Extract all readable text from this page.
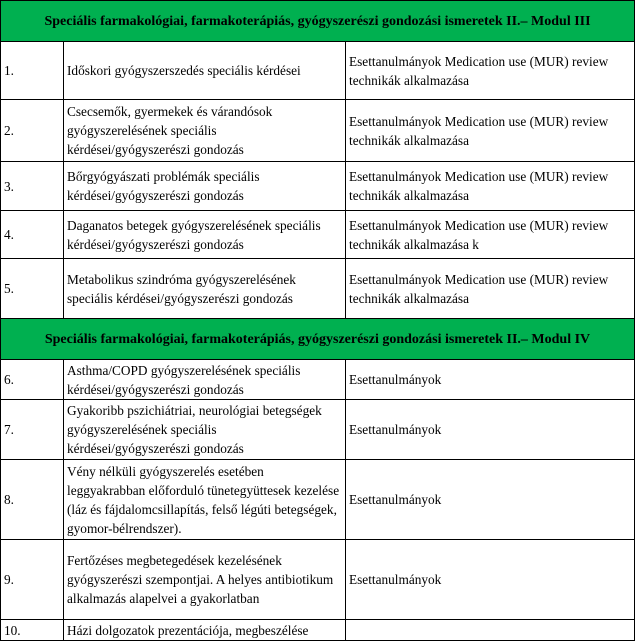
Speciális farmakológiai, farmakoterápiás, gyógyszerészi gondozási ismeretek II.– Modul III		
1.	Időskori gyógyszerszedés speciális kérdései	Esettanulmányok Medication use (MUR) review technikák alkalmazása

2.	Csecsemők, gyermekek és várandósok gyógyszerelésének speciális kérdései/gyógyszerészi gondozás	Esettanulmányok Medication use (MUR) review technikák alkalmazása

3.	Bőrgyógyászati problémák speciális kérdései/gyógyszerészi gondozás	Esettanulmányok Medication use (MUR) review technikák alkalmazása

4.	Daganatos betegek gyógyszerelésének speciális kérdései/gyógyszerészi gondozás	Esettanulmányok Medication use (MUR) review technikák alkalmazása k

5.	Metabolikus szindróma gyógyszerelésének speciális kérdései/gyógyszerészi gondozás	Esettanulmányok Medication use (MUR) review technikák alkalmazása

Speciális farmakológiai, farmakoterápiás, gyógyszerészi gondozási ismeretek II.– Modul IV		
6.	Asthma/COPD gyógyszerelésének speciális kérdései/gyógyszerészi gondozás	Esettanulmányok

7.	Gyakoribb pszichiátriai, neurológiai betegségek gyógyszerelésének speciális kérdései/gyógyszerészi gondozás	Esettanulmányok

8.	Vény nélküli gyógyszerelés esetében leggyakrabban előforduló tünetegyüttesek kezelése (láz és fájdalomcsillapítás, felső légúti betegségek, gyomor-bélrendszer).	Esettanulmányok

9.	Fertőzéses megbetegedések kezelésének gyógyszerészi szempontjai. A helyes antibiotikum alkalmazás alapelvei a gyakorlatban	Esettanulmányok

10.	Házi dolgozatok prezentációja, megbeszélése	
